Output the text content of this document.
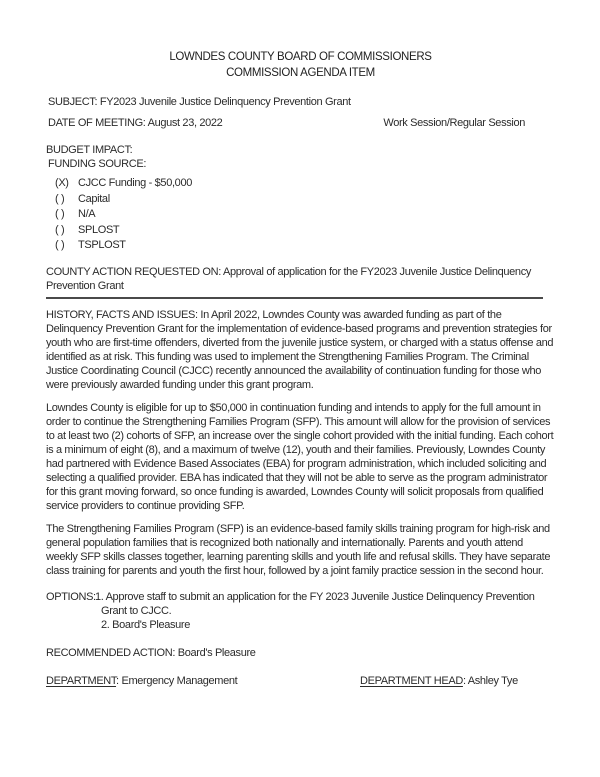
LOWNDES COUNTY BOARD OF COMMISSIONERS
COMMISSION AGENDA ITEM
SUBJECT: FY2023 Juvenile Justice Delinquency Prevention Grant
DATE OF MEETING: August 23, 2022	Work Session/Regular Session
BUDGET IMPACT:
FUNDING SOURCE:
(X) CJCC Funding - $50,000
( )	Capital
( )	N/A
( )	SPLOST
( )	TSPLOST
COUNTY ACTION REQUESTED ON: Approval of application for the FY2023 Juvenile Justice Delinquency Prevention Grant
HISTORY, FACTS AND ISSUES: In April 2022, Lowndes County was awarded funding as part of the Delinquency Prevention Grant for the implementation of evidence-based programs and prevention strategies for youth who are first-time offenders, diverted from the juvenile justice system, or charged with a status offense and identified as at risk. This funding was used to implement the Strengthening Families Program. The Criminal Justice Coordinating Council (CJCC) recently announced the availability of continuation funding for those who were previously awarded funding under this grant program.
Lowndes County is eligible for up to $50,000 in continuation funding and intends to apply for the full amount in order to continue the Strengthening Families Program (SFP). This amount will allow for the provision of services to at least two (2) cohorts of SFP, an increase over the single cohort provided with the initial funding. Each cohort is a minimum of eight (8), and a maximum of twelve (12), youth and their families. Previously, Lowndes County had partnered with Evidence Based Associates (EBA) for program administration, which included soliciting and selecting a qualified provider. EBA has indicated that they will not be able to serve as the program administrator for this grant moving forward, so once funding is awarded, Lowndes County will solicit proposals from qualified service providers to continue providing SFP.
The Strengthening Families Program (SFP) is an evidence-based family skills training program for high-risk and general population families that is recognized both nationally and internationally. Parents and youth attend weekly SFP skills classes together, learning parenting skills and youth life and refusal skills. They have separate class training for parents and youth the first hour, followed by a joint family practice session in the second hour.
OPTIONS: 1. Approve staff to submit an application for the FY 2023 Juvenile Justice Delinquency Prevention Grant to CJCC.
2. Board's Pleasure
RECOMMENDED ACTION: Board's Pleasure
DEPARTMENT: Emergency Management	DEPARTMENT HEAD: Ashley Tye
